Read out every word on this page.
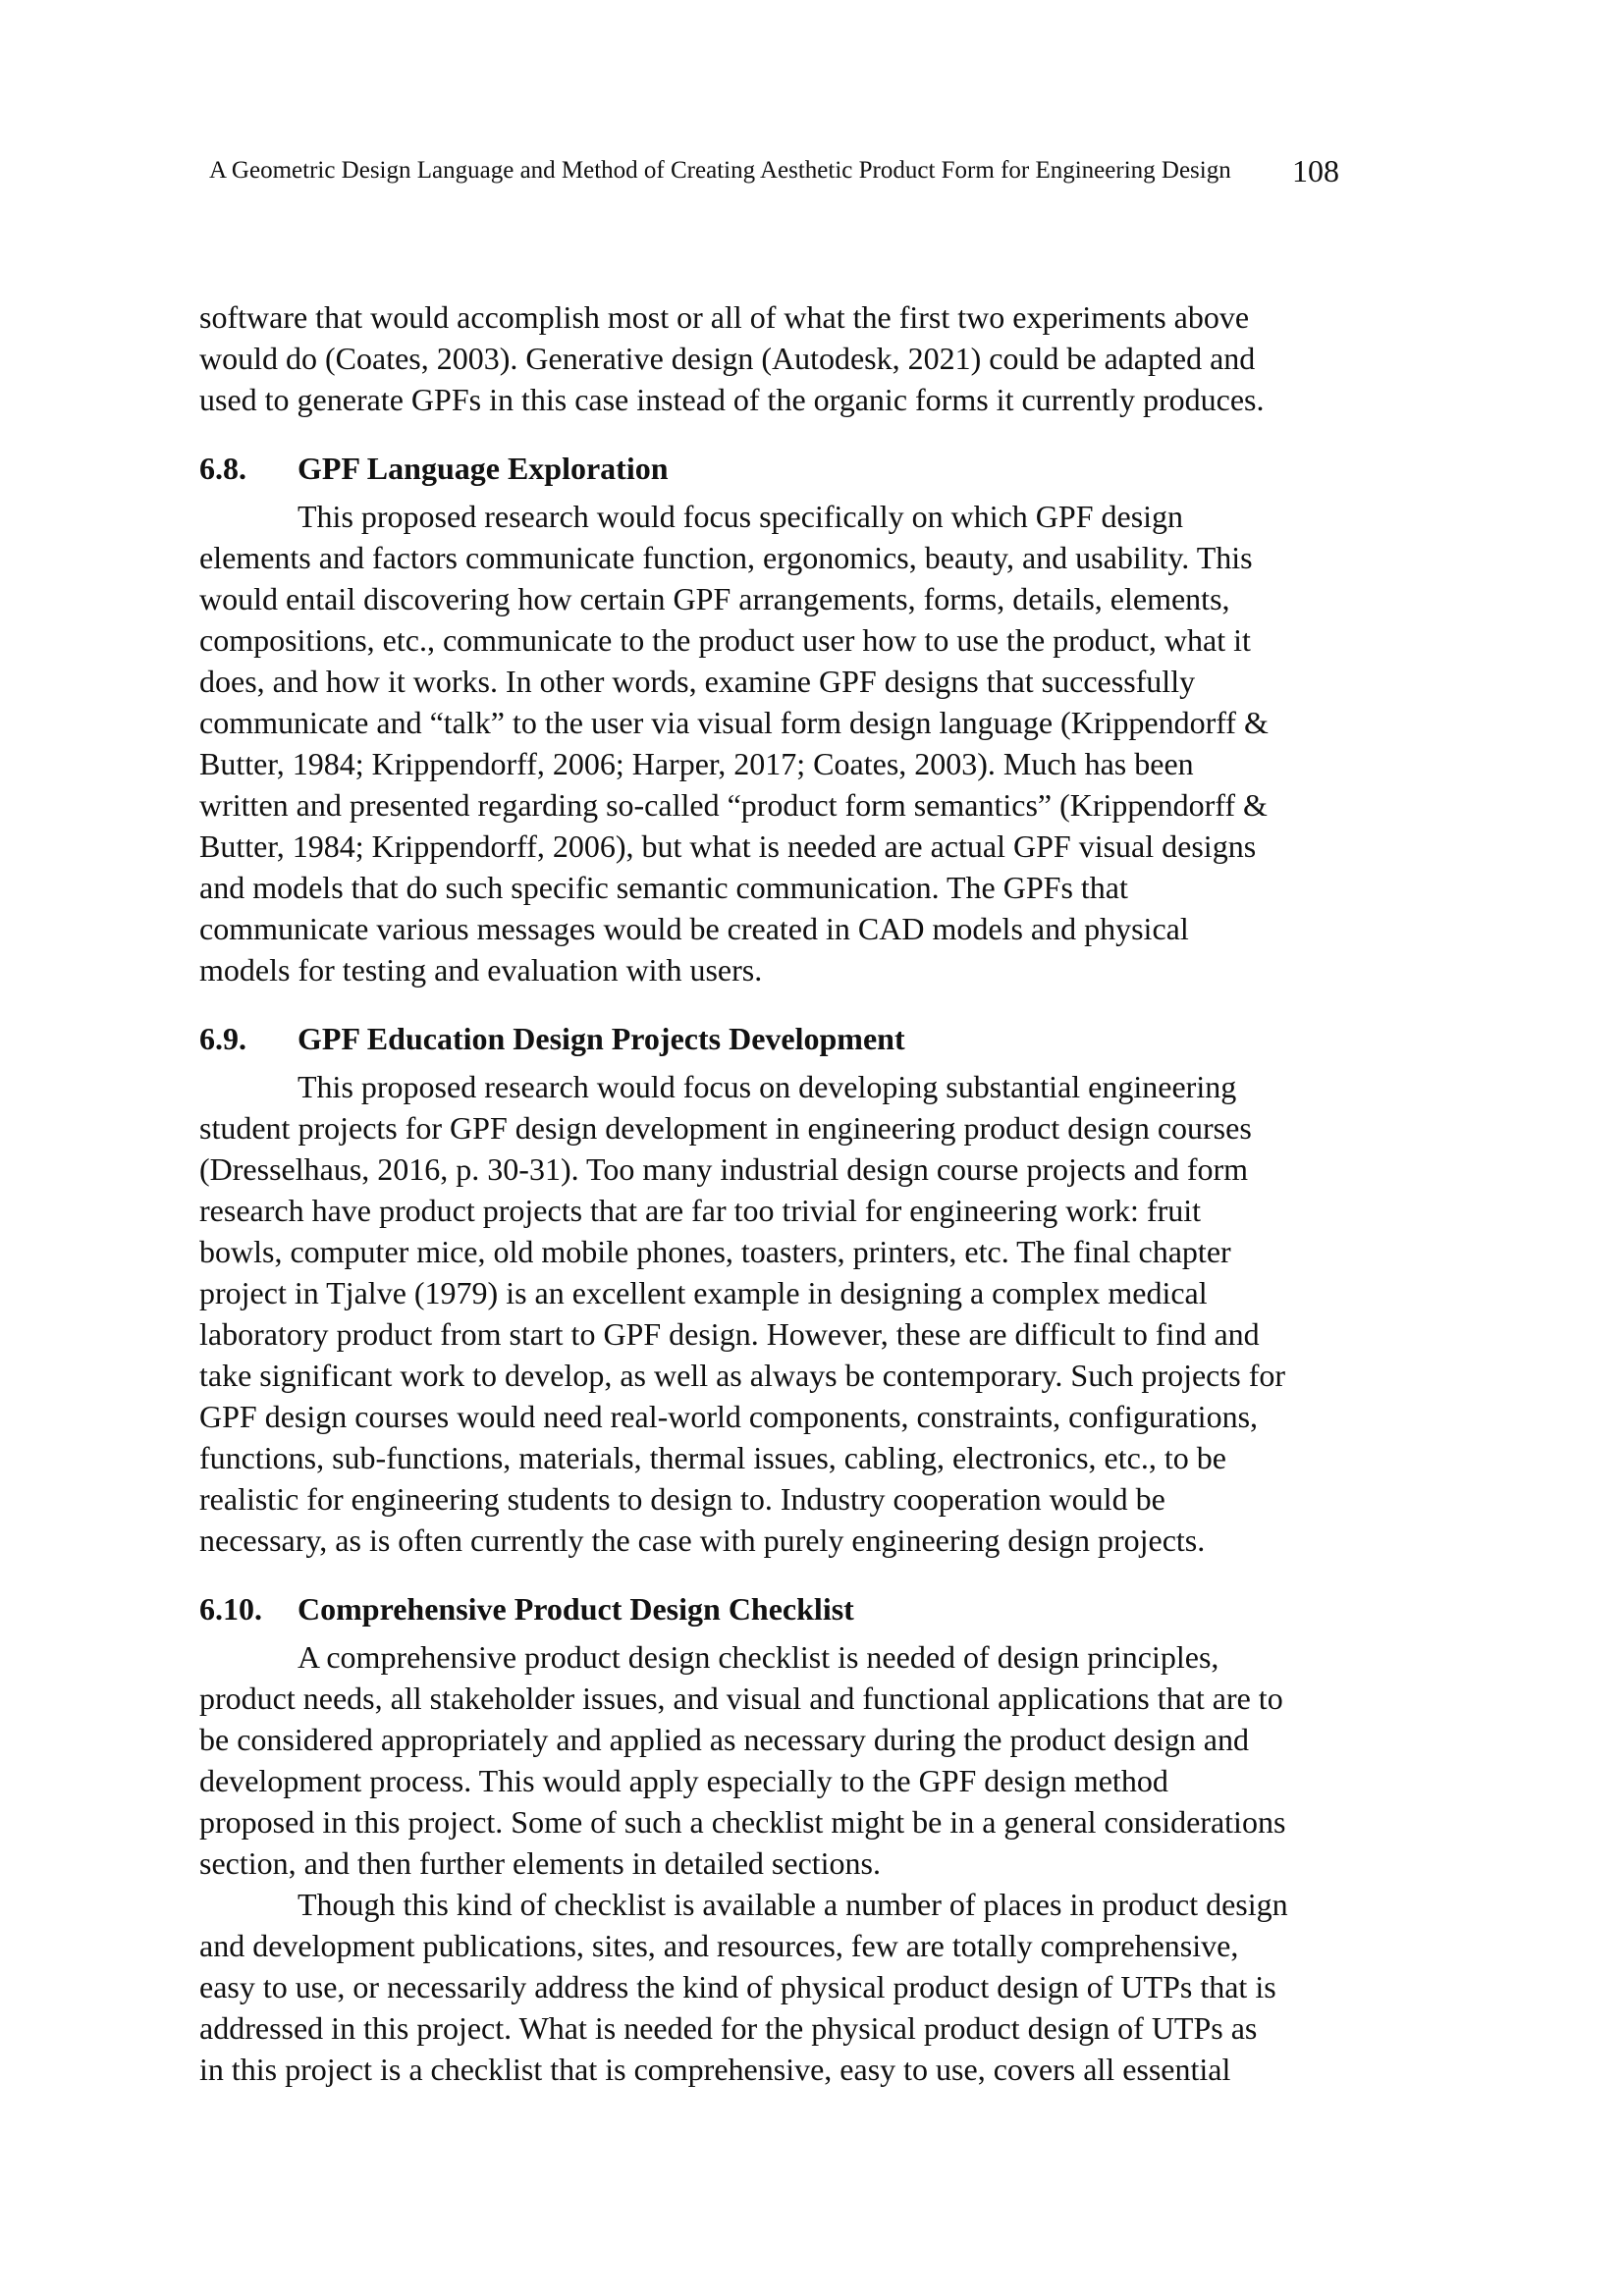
A Geometric Design Language and Method of Creating Aesthetic Product Form for Engineering Design 108
software that would accomplish most or all of what the first two experiments above
would do (Coates, 2003). Generative design (Autodesk, 2021) could be adapted and
used to generate GPFs in this case instead of the organic forms it currently produces.
6.8. GPF Language Exploration
This proposed research would focus specifically on which GPF design
elements and factors communicate function, ergonomics, beauty, and usability. This
would entail discovering how certain GPF arrangements, forms, details, elements,
compositions, etc., communicate to the product user how to use the product, what it
does, and how it works. In other words, examine GPF designs that successfully
communicate and “talk” to the user via visual form design language (Krippendorff &
Butter, 1984; Krippendorff, 2006; Harper, 2017; Coates, 2003). Much has been
written and presented regarding so-called “product form semantics” (Krippendorff &
Butter, 1984; Krippendorff, 2006), but what is needed are actual GPF visual designs
and models that do such specific semantic communication. The GPFs that
communicate various messages would be created in CAD models and physical
models for testing and evaluation with users.
6.9. GPF Education Design Projects Development
This proposed research would focus on developing substantial engineering
student projects for GPF design development in engineering product design courses
(Dresselhaus, 2016, p. 30-31). Too many industrial design course projects and form
research have product projects that are far too trivial for engineering work: fruit
bowls, computer mice, old mobile phones, toasters, printers, etc. The final chapter
project in Tjalve (1979) is an excellent example in designing a complex medical
laboratory product from start to GPF design. However, these are difficult to find and
take significant work to develop, as well as always be contemporary. Such projects for
GPF design courses would need real-world components, constraints, configurations,
functions, sub-functions, materials, thermal issues, cabling, electronics, etc., to be
realistic for engineering students to design to. Industry cooperation would be
necessary, as is often currently the case with purely engineering design projects.
6.10. Comprehensive Product Design Checklist
A comprehensive product design checklist is needed of design principles,
product needs, all stakeholder issues, and visual and functional applications that are to
be considered appropriately and applied as necessary during the product design and
development process. This would apply especially to the GPF design method
proposed in this project. Some of such a checklist might be in a general considerations
section, and then further elements in detailed sections.
Though this kind of checklist is available a number of places in product design
and development publications, sites, and resources, few are totally comprehensive,
easy to use, or necessarily address the kind of physical product design of UTPs that is
addressed in this project. What is needed for the physical product design of UTPs as
in this project is a checklist that is comprehensive, easy to use, covers all essential
